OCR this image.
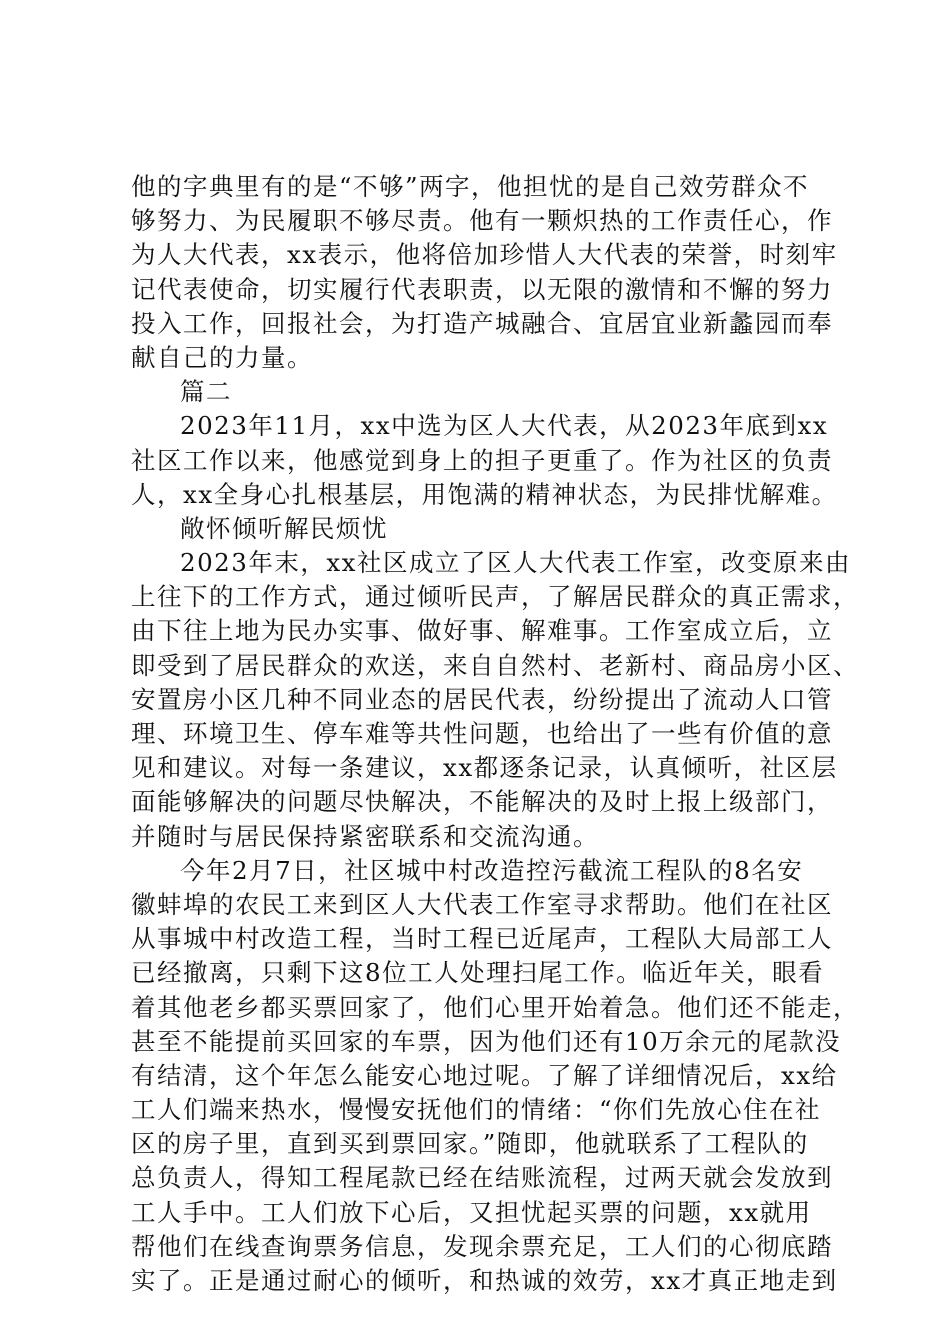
他的字典里有的是“不够”两字，他担忧的是自己效劳群众不
够努力、为民履职不够尽责。他有一颗炽热的工作责任心，作
为人大代表，xx表示，他将倍加珍惜人大代表的荣誉，时刻牢
记代表使命，切实履行代表职责，以无限的激情和不懈的努力
投入工作，回报社会，为打造产城融合、宜居宜业新蠡园而奉
献自己的力量。
篇二
2023年11月，xx中选为区人大代表，从2023年底到xx
社区工作以来，他感觉到身上的担子更重了。作为社区的负责
人，xx全身心扎根基层，用饱满的精神状态，为民排忧解难。
敞怀倾听解民烦忧
2023年末，xx社区成立了区人大代表工作室，改变原来由
上往下的工作方式，通过倾听民声，了解居民群众的真正需求，
由下往上地为民办实事、做好事、解难事。工作室成立后，立
即受到了居民群众的欢送，来自自然村、老新村、商品房小区、
安置房小区几种不同业态的居民代表，纷纷提出了流动人口管
理、环境卫生、停车难等共性问题，也给出了一些有价值的意
见和建议。对每一条建议，xx都逐条记录，认真倾听，社区层
面能够解决的问题尽快解决，不能解决的及时上报上级部门，
并随时与居民保持紧密联系和交流沟通。
今年2月7日，社区城中村改造控污截流工程队的8名安
徽蚌埠的农民工来到区人大代表工作室寻求帮助。他们在社区
从事城中村改造工程，当时工程已近尾声，工程队大局部工人
已经撤离，只剩下这8位工人处理扫尾工作。临近年关，眼看
着其他老乡都买票回家了，他们心里开始着急。他们还不能走，
甚至不能提前买回家的车票，因为他们还有10万余元的尾款没
有结清，这个年怎么能安心地过呢。了解了详细情况后，xx给
工人们端来热水，慢慢安抚他们的情绪：“你们先放心住在社
区的房子里，直到买到票回家。”随即，他就联系了工程队的
总负责人，得知工程尾款已经在结账流程，过两天就会发放到
工人手中。工人们放下心后，又担忧起买票的问题，xx就用
帮他们在线查询票务信息，发现余票充足，工人们的心彻底踏
实了。正是通过耐心的倾听，和热诚的效劳，xx才真正地走到
